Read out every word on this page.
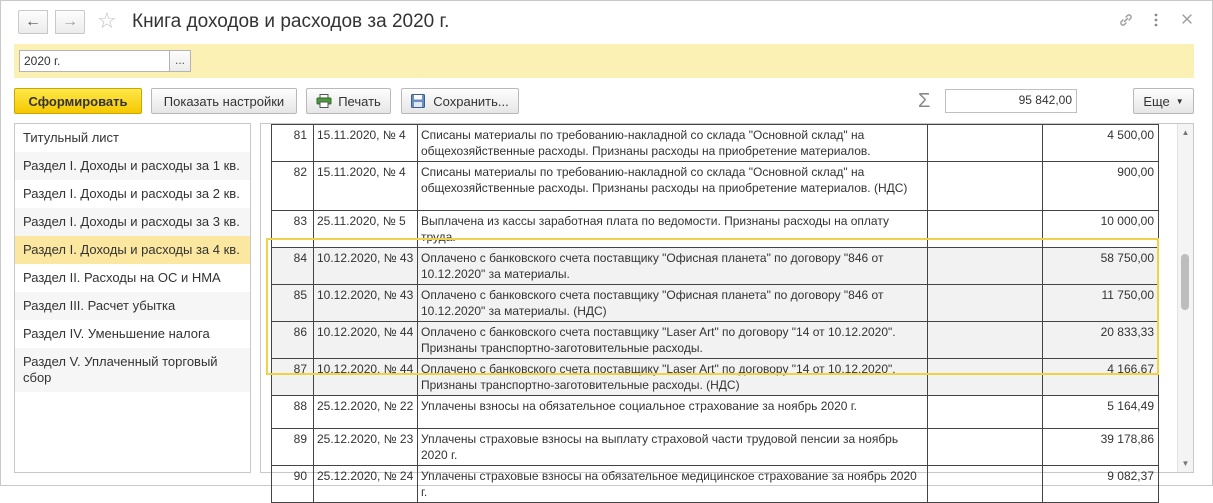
← → ☆ Книга доходов и расходов за 2020 г.
2020 г.	...
Сформировать	Показать настройки	Печать	Сохранить...	Σ	95 842,00	Еще ▼
Титульный лист
Раздел I. Доходы и расходы за 1 кв.
Раздел I. Доходы и расходы за 2 кв.
Раздел I. Доходы и расходы за 3 кв.
Раздел I. Доходы и расходы за 4 кв.
Раздел II. Расходы на ОС и НМА
Раздел III. Расчет убытка
Раздел IV. Уменьшение налога
Раздел V. Уплаченный торговый сбор
81	15.11.2020, № 4	Списаны материалы по требованию-накладной со склада "Основной склад" на общехозяйственные расходы. Признаны расходы на приобретение материалов.		4 500,00
82	15.11.2020, № 4	Списаны материалы по требованию-накладной со склада "Основной склад" на общехозяйственные расходы. Признаны расходы на приобретение материалов. (НДС)		900,00
83	25.11.2020, № 5	Выплачена из кассы заработная плата по ведомости. Признаны расходы на оплату труда.		10 000,00
84	10.12.2020, № 43	Оплачено с банковского счета поставщику "Офисная планета" по договору "846 от 10.12.2020" за материалы.		58 750,00
85	10.12.2020, № 43	Оплачено с банковского счета поставщику "Офисная планета" по договору "846 от 10.12.2020" за материалы. (НДС)		11 750,00
86	10.12.2020, № 44	Оплачено с банковского счета поставщику "Laser Art" по договору "14 от 10.12.2020". Признаны транспортно-заготовительные расходы.		20 833,33
87	10.12.2020, № 44	Оплачено с банковского счета поставщику "Laser Art" по договору "14 от 10.12.2020". Признаны транспортно-заготовительные расходы. (НДС)		4 166,67
88	25.12.2020, № 22	Уплачены взносы на обязательное социальное страхование за ноябрь 2020 г.		5 164,49
89	25.12.2020, № 23	Уплачены страховые взносы на выплату страховой части трудовой пенсии за ноябрь 2020 г.		39 178,86
90	25.12.2020, № 24	Уплачены страховые взносы на обязательное медицинское страхование за ноябрь 2020 г.		9 082,37
▲
▼
